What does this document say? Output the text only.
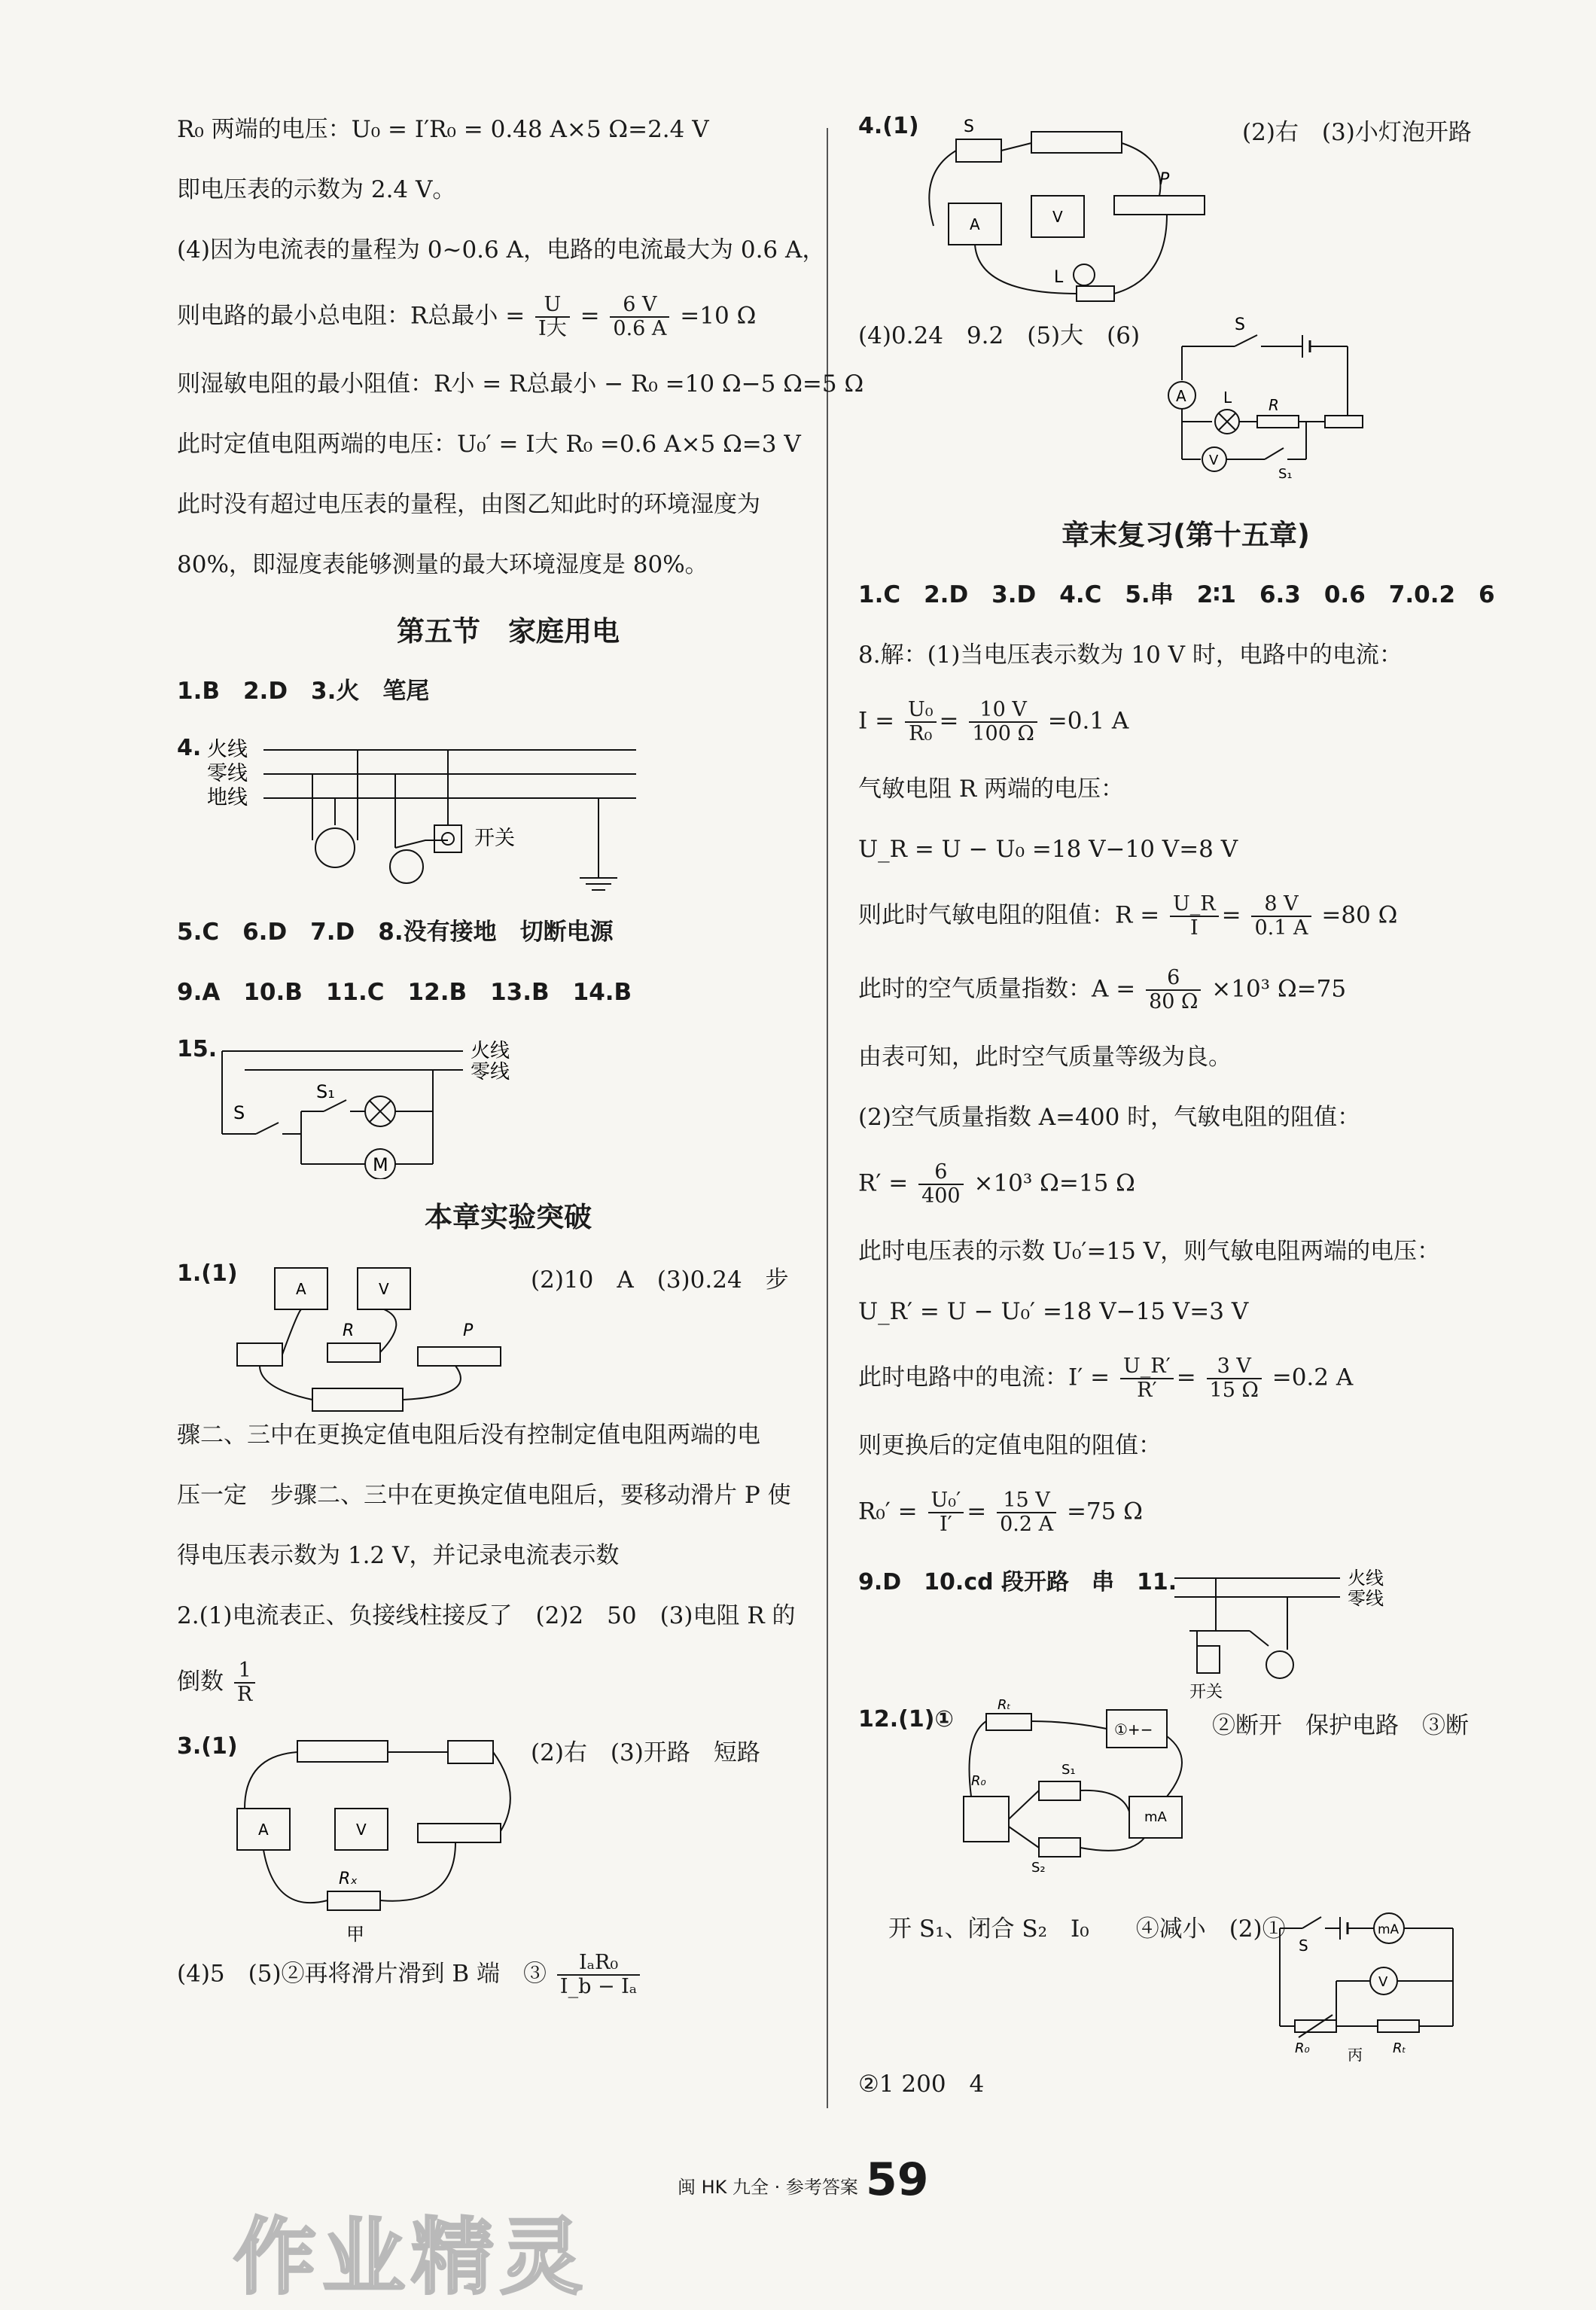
R₀ 两端的电压：U₀ = I′R₀ = 0.48 A×5 Ω=2.4 V
即电压表的示数为 2.4 V。
(4)因为电流表的量程为 0~0.6 A，电路的电流最大为 0.6 A，
则电路的最小总电阻：R总最小 = $\frac{U}{\text{I大}} = \frac{6 V}{0.6 A} =10$ Ω
则湿敏电阻的最小阻值：R小 = R总最小 − R₀ =10 Ω−5 Ω=5 Ω
此时定值电阻两端的电压：U₀′ = I大 R₀ =0.6 A×5 Ω=3 V
此时没有超过电压表的量程，由图乙知此时的环境湿度为
80%，即湿度表能够测量的最大环境湿度是 80%。
第五节　家庭用电
1.B　2.D　3.火　笔尾
4. 火线
零线
地线
开关
5.C　6.D　7.D　8.没有接地　切断电源
9.A　10.B　11.C　12.B　13.B　14.B
15.	火线
零线
S
S₁
M
本章实验突破
1.(1)
A	V
R	P
(2)10　A　(3)0.24　步
骤二、三中在更换定值电阻后没有控制定值电阻两端的电
压一定　步骤二、三中在更换定值电阻后，要移动滑片 P 使
得电压表示数为 1.2 V，并记录电流表示数
2.(1)电流表正、负接线柱接反了　(2)2　50　(3)电阻 R 的
倒数 $\frac{1}{R}$
3.(1)
A	V
Rₓ
甲
(2)右　(3)开路　短路
(4)5　(5)②再将滑片滑到 B 端　③ $\frac{\text{IₐR₀}}{\text{I\_b − Iₐ}}$
4.(1)	S
A	V
P
L
(2)右　(3)小灯泡开路
(4)0.24　9.2　(5)大　(6)	S
A L R
V
S₁
章末复习(第十五章)
1.C　2.D　3.D　4.C　5.串　2∶1　6.3　0.6　7.0.2　6
8.解：(1)当电压表示数为 10 V 时，电路中的电流：
$I = \frac{\text{U₀}}{\text{R₀}} = \frac{10 V}{100 \Omega} =0.1$ A
气敏电阻 R 两端的电压：
U_R = U − U₀ =18 V−10 V=8 V
则此时气敏电阻的阻值：$R = \frac{U\_R}{I} = \frac{8 V}{0.1 A} =80$ Ω
此时的空气质量指数：$A = \frac{6}{80 \Omega} \times 10^3$ Ω=75
由表可知，此时空气质量等级为良。
(2)空气质量指数 A=400 时，气敏电阻的阻值：
$R' = \frac{6}{400} \times 10^3$ Ω=15 Ω
此时电压表的示数 U₀′=15 V，则气敏电阻两端的电压：
U_R′ = U − U₀′ =18 V−15 V=3 V
此时电路中的电流：$I' = \frac{U\_R'}{R'} = \frac{3 V}{15 \Omega} =0.2$ A
则更换后的定值电阻的阻值：
$R_0' = \frac{\text{U₀′}}{I'} = \frac{15 V}{0.2 A} =75$ Ω
9.D　10.cd 段开路　串　11.	火线
零线
开关
12.(1)①
Rₜ
①+−
R₀
S₁
S₂
mA
②断开　保护电路　③断
开 S₁、闭合 S₂　I₀　　④减小　(2)①
S
mA
R₀	Rₜ
V
丙
②1 200　4
闽 HK 九全 · 参考答案 59
作业精灵
